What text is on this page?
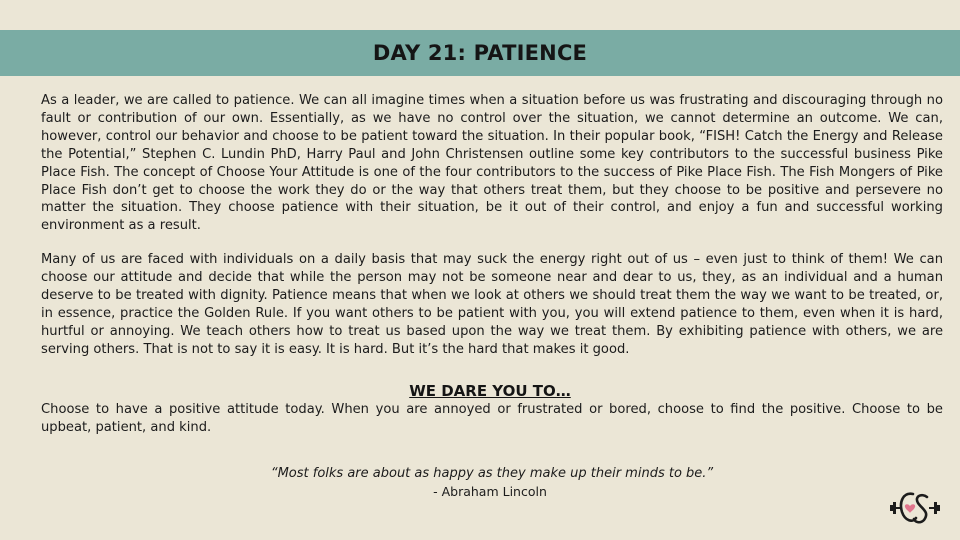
DAY 21: PATIENCE

As a leader, we are called to patience. We can all imagine times when a situation before us was frustrating and discouraging through no fault or contribution of our own. Essentially, as we have no control over the situation, we cannot determine an outcome. We can, however, control our behavior and choose to be patient toward the situation. In their popular book, “FISH! Catch the Energy and Release the Potential,” Stephen C. Lundin PhD, Harry Paul and John Christensen outline some key contributors to the successful business Pike Place Fish. The concept of Choose Your Attitude is one of the four contributors to the success of Pike Place Fish. The Fish Mongers of Pike Place Fish don’t get to choose the work they do or the way that others treat them, but they choose to be positive and persevere no matter the situation. They choose patience with their situation, be it out of their control, and enjoy a fun and successful working environment as a result.

Many of us are faced with individuals on a daily basis that may suck the energy right out of us – even just to think of them! We can choose our attitude and decide that while the person may not be someone near and dear to us, they, as an individual and a human deserve to be treated with dignity. Patience means that when we look at others we should treat them the way we want to be treated, or, in essence, practice the Golden Rule. If you want others to be patient with you, you will extend patience to them, even when it is hard, hurtful or annoying. We teach others how to treat us based upon the way we treat them. By exhibiting patience with others, we are serving others. That is not to say it is easy. It is hard. But it’s the hard that makes it good.

WE DARE YOU TO…

Choose to have a positive attitude today. When you are annoyed or frustrated or bored, choose to find the positive. Choose to be upbeat, patient, and kind.

“Most folks are about as happy as they make up their minds to be.”
- Abraham Lincoln
